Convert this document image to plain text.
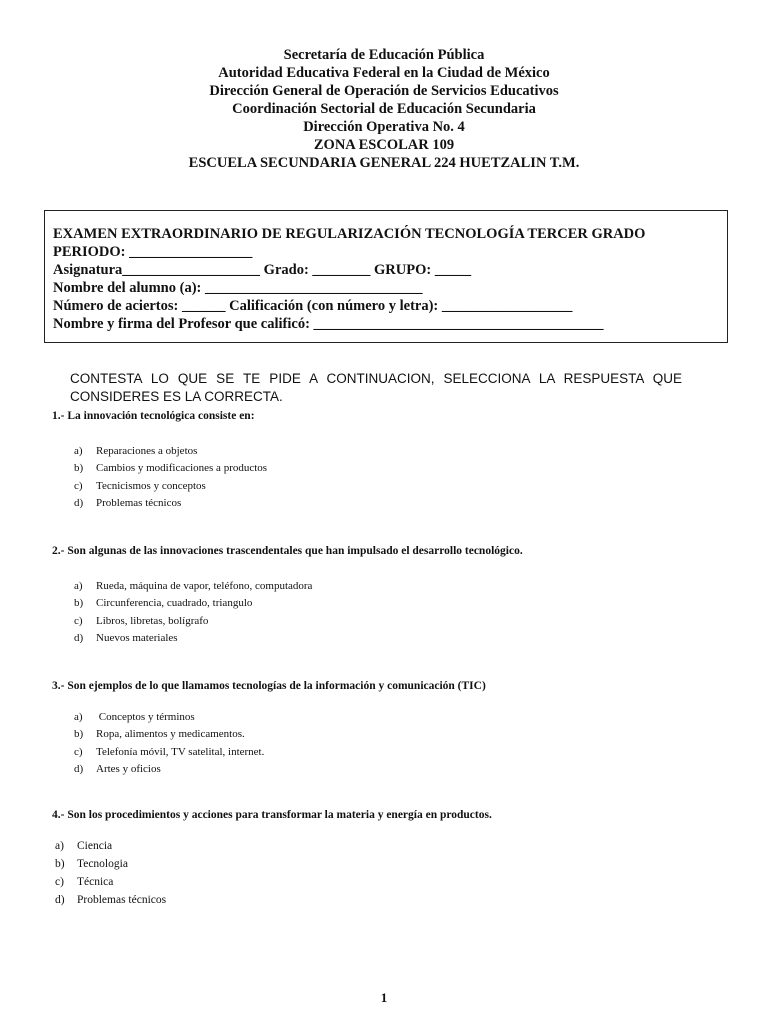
Secretaría de Educación Pública
Autoridad Educativa Federal en la Ciudad de México
Dirección General de Operación de Servicios Educativos
Coordinación Sectorial de Educación Secundaria
Dirección Operativa No. 4
ZONA ESCOLAR 109
ESCUELA SECUNDARIA GENERAL 224 HUETZALIN T.M.
EXAMEN EXTRAORDINARIO DE REGULARIZACIÓN TECNOLOGÍA TERCER GRADO
PERIODO: _________________
Asignatura___________________ Grado: ________ GRUPO: _____
Nombre del alumno (a): ______________________________
Número de aciertos: ______ Calificación (con número y letra): __________________
Nombre y firma del Profesor que calificó: ________________________________________
CONTESTA LO QUE SE TE PIDE A CONTINUACION, SELECCIONA LA RESPUESTA QUE CONSIDERES ES LA CORRECTA.
1.- La innovación tecnológica consiste en:
a) Reparaciones a objetos
b) Cambios y modificaciones a productos
c) Tecnicismos y conceptos
d) Problemas técnicos
2.- Son algunas de las innovaciones trascendentales que han impulsado el desarrollo tecnológico.
a) Rueda, máquina de vapor, teléfono, computadora
b) Circunferencia, cuadrado, triangulo
c) Libros, libretas, bolígrafo
d) Nuevos materiales
3.- Son ejemplos de lo que llamamos tecnologías de la información y comunicación (TIC)
a) Conceptos y términos
b) Ropa, alimentos y medicamentos.
c) Telefonía móvil, TV satelital, internet.
d) Artes y oficios
4.- Son los procedimientos y acciones para transformar la materia y energía en productos.
a) Ciencia
b) Tecnologia
c) Técnica
d) Problemas técnicos
1
